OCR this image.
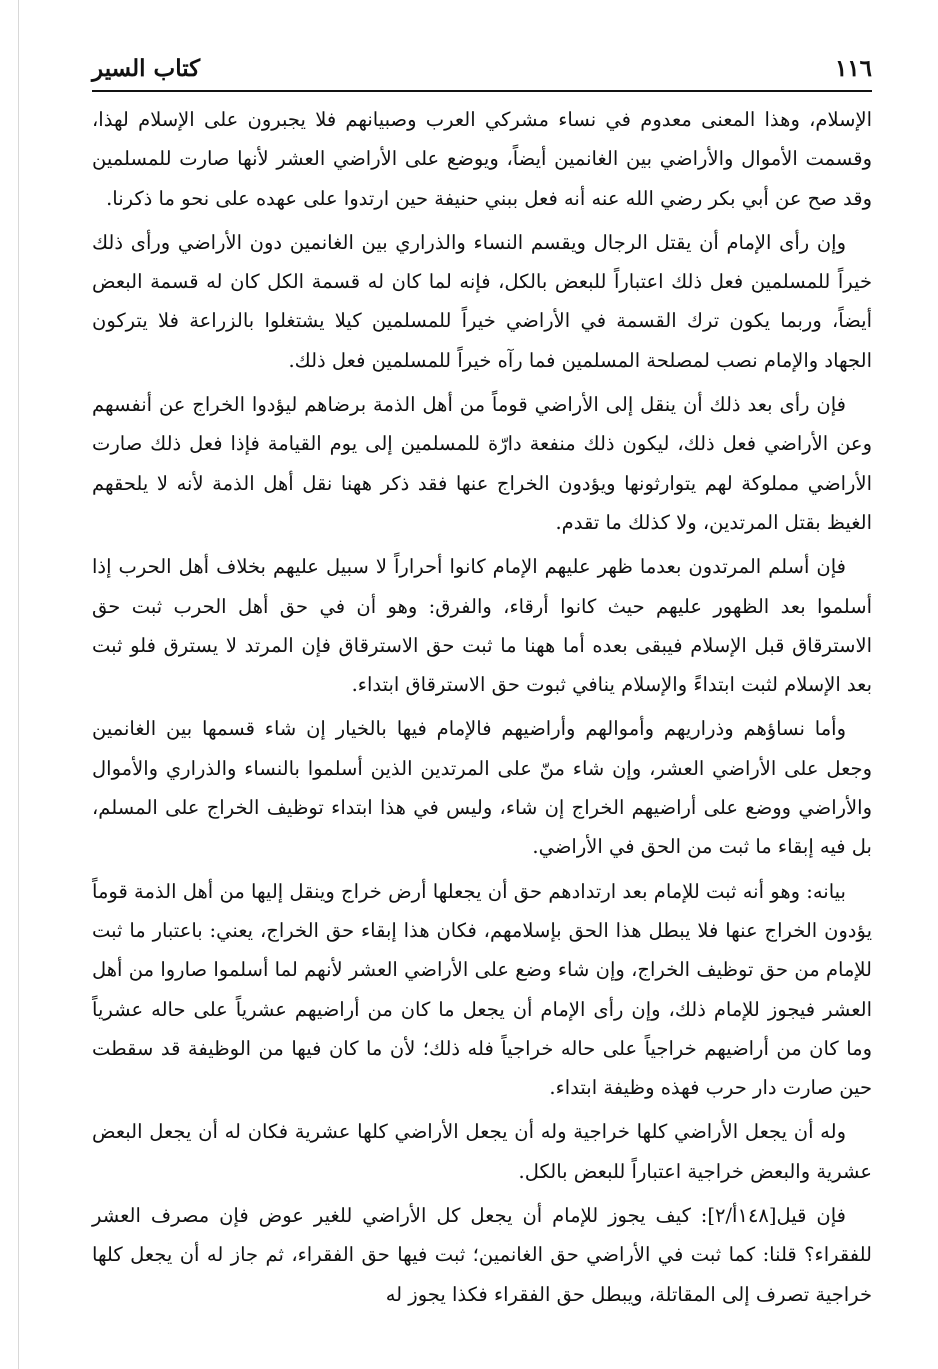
١١٦
كتاب السير

الإسلام، وهذا المعنى معدوم في نساء مشركي العرب وصبيانهم فلا يجبرون على الإسلام لهذا، وقسمت الأموال والأراضي بين الغانمين أيضاً، ويوضع على الأراضي العشر لأنها صارت للمسلمين وقد صح عن أبي بكر رضي الله عنه أنه فعل ببني حنيفة حين ارتدوا على عهده على نحو ما ذكرنا.

وإن رأى الإمام أن يقتل الرجال ويقسم النساء والذراري بين الغانمين دون الأراضي ورأى ذلك خيراً للمسلمين فعل ذلك اعتباراً للبعض بالكل، فإنه لما كان له قسمة الكل كان له قسمة البعض أيضاً، وربما يكون ترك القسمة في الأراضي خيراً للمسلمين كيلا يشتغلوا بالزراعة فلا يتركون الجهاد والإمام نصب لمصلحة المسلمين فما رآه خيراً للمسلمين فعل ذلك.

فإن رأى بعد ذلك أن ينقل إلى الأراضي قوماً من أهل الذمة برضاهم ليؤدوا الخراج عن أنفسهم وعن الأراضي فعل ذلك، ليكون ذلك منفعة دارّة للمسلمين إلى يوم القيامة فإذا فعل ذلك صارت الأراضي مملوكة لهم يتوارثونها ويؤدون الخراج عنها فقد ذكر ههنا نقل أهل الذمة لأنه لا يلحقهم الغيظ بقتل المرتدين، ولا كذلك ما تقدم.

فإن أسلم المرتدون بعدما ظهر عليهم الإمام كانوا أحراراً لا سبيل عليهم بخلاف أهل الحرب إذا أسلموا بعد الظهور عليهم حيث كانوا أرقاء، والفرق: وهو أن في حق أهل الحرب ثبت حق الاسترقاق قبل الإسلام فيبقى بعده أما ههنا ما ثبت حق الاسترقاق فإن المرتد لا يسترق فلو ثبت بعد الإسلام لثبت ابتداءً والإسلام ينافي ثبوت حق الاسترقاق ابتداء.

وأما نساؤهم وذراريهم وأموالهم وأراضيهم فالإمام فيها بالخيار إن شاء قسمها بين الغانمين وجعل على الأراضي العشر، وإن شاء منّ على المرتدين الذين أسلموا بالنساء والذراري والأموال والأراضي ووضع على أراضيهم الخراج إن شاء، وليس في هذا ابتداء توظيف الخراج على المسلم، بل فيه إبقاء ما ثبت من الحق في الأراضي.

بيانه: وهو أنه ثبت للإمام بعد ارتدادهم حق أن يجعلها أرض خراج وينقل إليها من أهل الذمة قوماً يؤدون الخراج عنها فلا يبطل هذا الحق بإسلامهم، فكان هذا إبقاء حق الخراج، يعني: باعتبار ما ثبت للإمام من حق توظيف الخراج، وإن شاء وضع على الأراضي العشر لأنهم لما أسلموا صاروا من أهل العشر فيجوز للإمام ذلك، وإن رأى الإمام أن يجعل ما كان من أراضيهم عشرياً على حاله عشرياً وما كان من أراضيهم خراجياً على حاله خراجياً فله ذلك؛ لأن ما كان فيها من الوظيفة قد سقطت حين صارت دار حرب فهذه وظيفة ابتداء.

وله أن يجعل الأراضي كلها خراجية وله أن يجعل الأراضي كلها عشرية فكان له أن يجعل البعض عشرية والبعض خراجية اعتباراً للبعض بالكل.

فإن قيل[١٤٨أ/٢]: كيف يجوز للإمام أن يجعل كل الأراضي للغير عوض فإن مصرف العشر للفقراء؟ قلنا: كما ثبت في الأراضي حق الغانمين؛ ثبت فيها حق الفقراء، ثم جاز له أن يجعل كلها خراجية تصرف إلى المقاتلة، ويبطل حق الفقراء فكذا يجوز له
